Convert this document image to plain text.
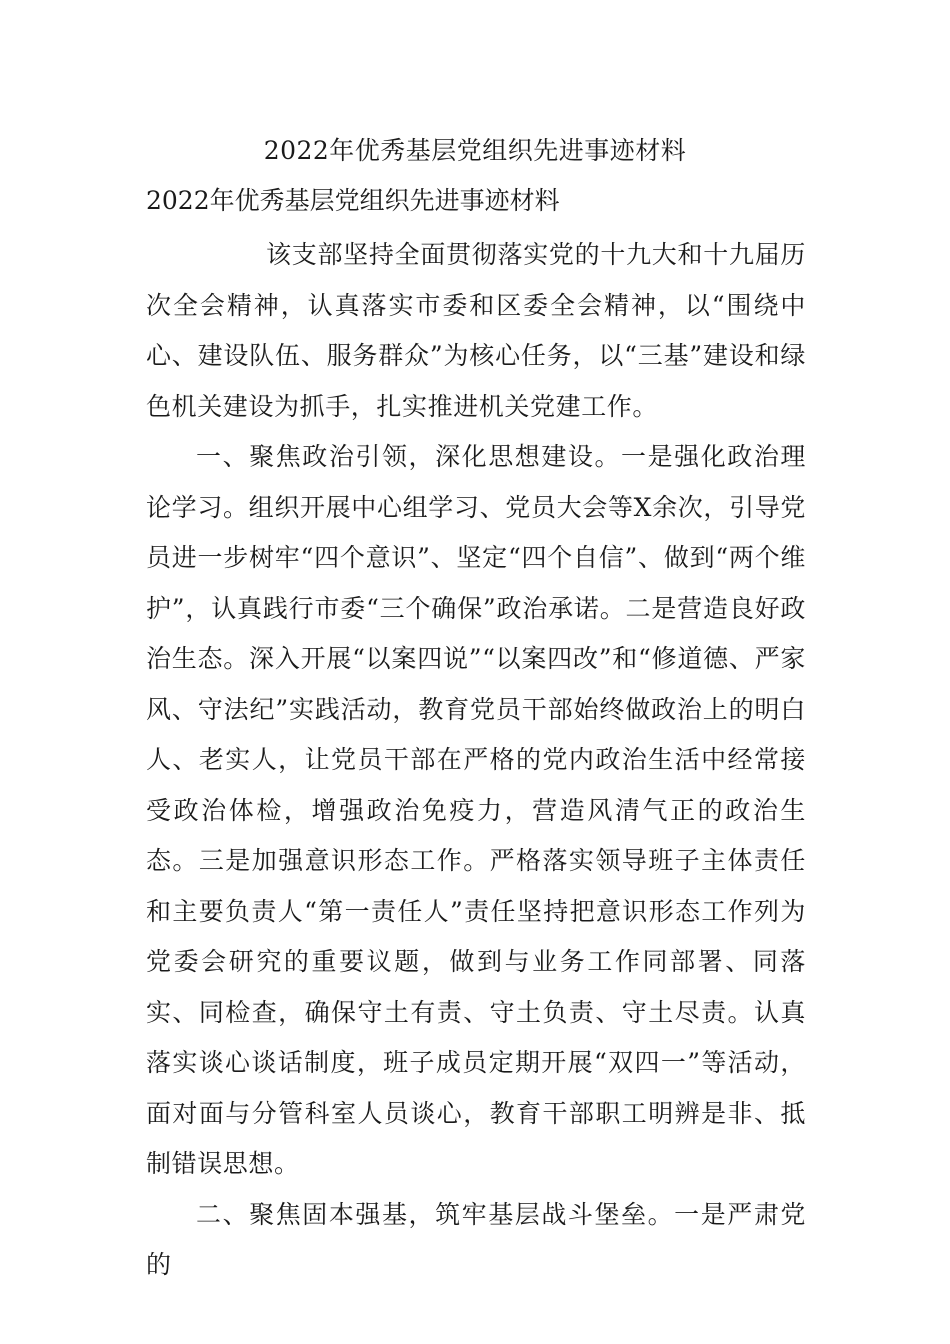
2022年优秀基层党组织先进事迹材料
2022年优秀基层党组织先进事迹材料

该支部坚持全面贯彻落实党的十九大和十九届历次全会精神，认真落实市委和区委全会精神，以“围绕中心、建设队伍、服务群众”为核心任务，以“三基”建设和绿色机关建设为抓手，扎实推进机关党建工作。

一、聚焦政治引领，深化思想建设。一是强化政治理论学习。组织开展中心组学习、党员大会等X余次，引导党员进一步树牢“四个意识”、坚定“四个自信”、做到“两个维护”，认真践行市委“三个确保”政治承诺。二是营造良好政治生态。深入开展“以案四说”“以案四改”和“修道德、严家风、守法纪”实践活动，教育党员干部始终做政治上的明白人、老实人，让党员干部在严格的党内政治生活中经常接受政治体检，增强政治免疫力，营造风清气正的政治生态。三是加强意识形态工作。严格落实领导班子主体责任和主要负责人“第一责任人”责任坚持把意识形态工作列为党委会研究的重要议题，做到与业务工作同部署、同落实、同检查，确保守土有责、守土负责、守土尽责。认真落实谈心谈话制度，班子成员定期开展“双四一”等活动，面对面与分管科室人员谈心，教育干部职工明辨是非、抵制错误思想。

二、聚焦固本强基，筑牢基层战斗堡垒。一是严肃党的
